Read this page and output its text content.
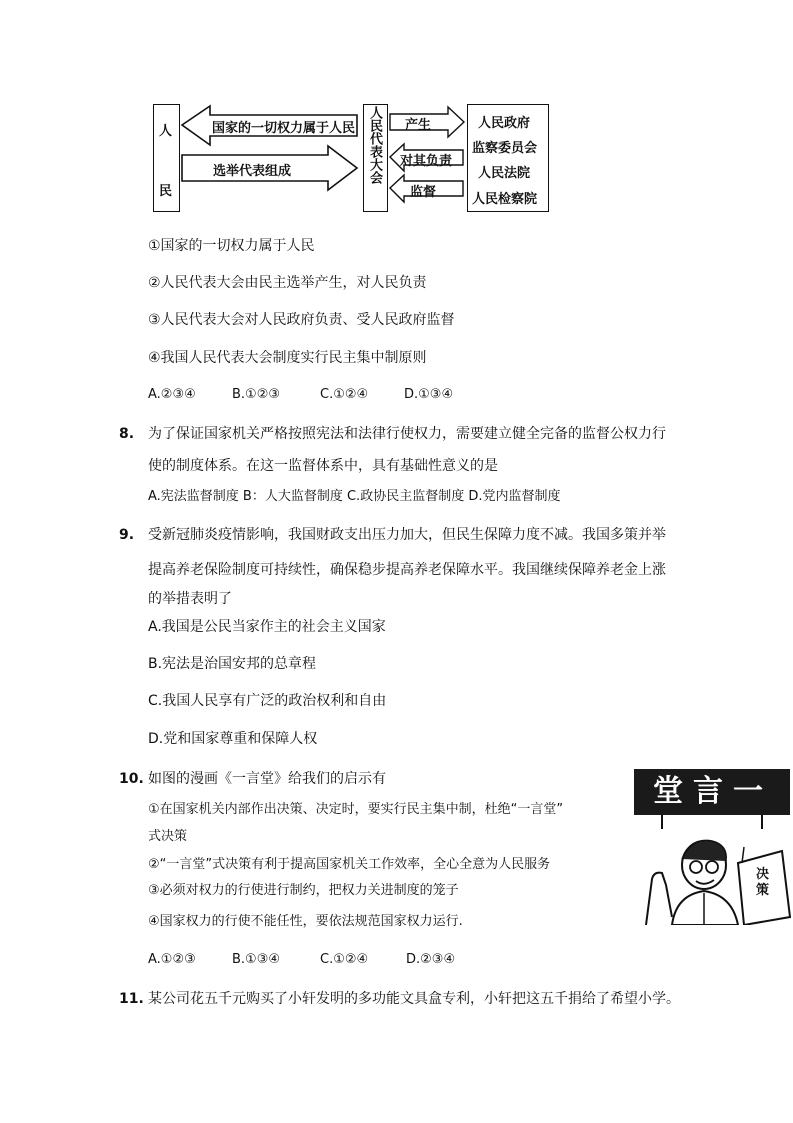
人
民
国家的一切权力属于人民
选举代表组成	人民代表大会 产生
对其负责
监督
人民政府
监察委员会
人民法院
人民检察院
①国家的一切权力属于人民
②人民代表大会由民主选举产生，对人民负责
③人民代表大会对人民政府负责、受人民政府监督
④我国人民代表大会制度实行民主集中制原则
A.②③④	B.①②③	C.①②④	D.①③④
8. 为了保证国家机关严格按照宪法和法律行使权力，需要建立健全完备的监督公权力行
使的制度体系。在这一监督体系中，具有基础性意义的是
A.宪法监督制度 B：人大监督制度 C.政协民主监督制度 D.党内监督制度
9. 受新冠肺炎疫情影响，我国财政支出压力加大，但民生保障力度不减。我国多策并举
提高养老保险制度可持续性，确保稳步提高养老保障水平。我国继续保障养老金上涨
的举措表明了
A.我国是公民当家作主的社会主义国家
B.宪法是治国安邦的总章程
C.我国人民享有广泛的政治权利和自由
D.党和国家尊重和保障人权
10. 如图的漫画《一言堂》给我们的启示有
①在国家机关内部作出决策、决定时，要实行民主集中制，杜绝“一言堂”
式决策
②“一言堂”式决策有利于提高国家机关工作效率，全心全意为人民服务
③必须对权力的行使进行制约，把权力关进制度的笼子
④国家权力的行使不能任性，要依法规范国家权力运行.
A.①②③	B.①③④	C.①②④	D.②③④
堂言一
决策
11. 某公司花五千元购买了小轩发明的多功能文具盒专利，小轩把这五千捐给了希望小学。
